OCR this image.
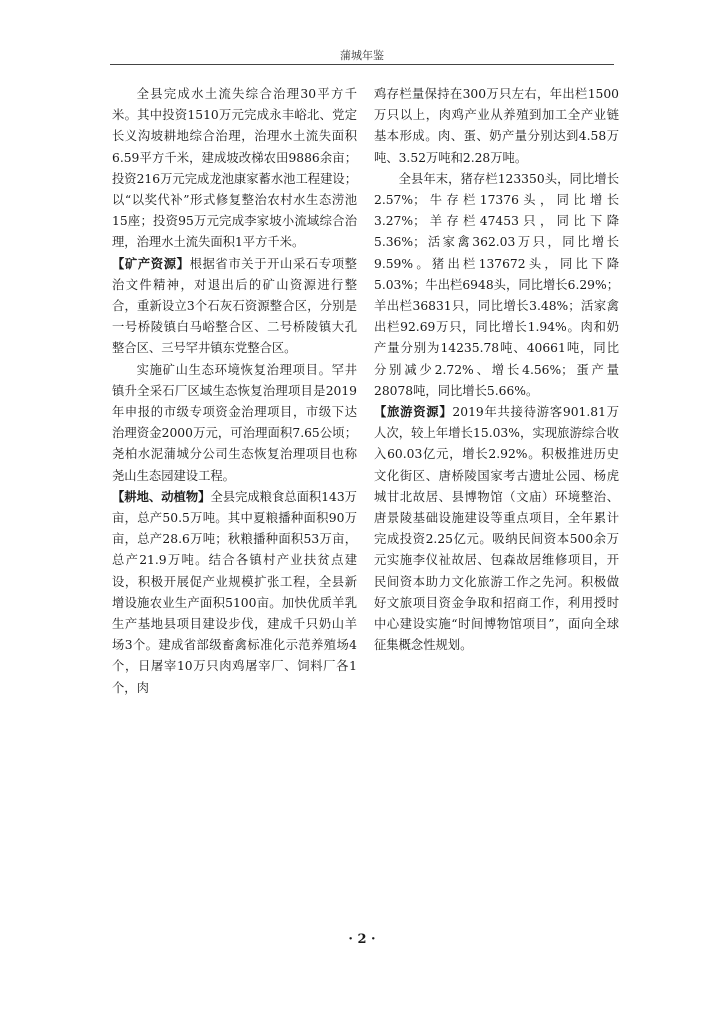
蒲城年鉴

全县完成水土流失综合治理30平方千米。其中投资1510万元完成永丰峪北、党定长义沟坡耕地综合治理，治理水土流失面积6.59平方千米，建成坡改梯农田9886余亩；投资216万元完成龙池康家蓄水池工程建设；以“以奖代补”形式修复整治农村水生态涝池15座；投资95万元完成李家坡小流域综合治理，治理水土流失面积1平方千米。

【矿产资源】根据省市关于开山采石专项整治文件精神，对退出后的矿山资源进行整合，重新设立3个石灰石资源整合区，分别是一号桥陵镇白马峪整合区、二号桥陵镇大孔整合区、三号罕井镇东党整合区。

实施矿山生态环境恢复治理项目。罕井镇升全采石厂区域生态恢复治理项目是2019年申报的市级专项资金治理项目，市级下达治理资金2000万元，可治理面积7.65公顷；尧柏水泥蒲城分公司生态恢复治理项目也称尧山生态园建设工程。

【耕地、动植物】全县完成粮食总面积143万亩，总产50.5万吨。其中夏粮播种面积90万亩，总产28.6万吨；秋粮播种面积53万亩，总产21.9万吨。结合各镇村产业扶贫点建设，积极开展促产业规模扩张工程，全县新增设施农业生产面积5100亩。加快优质羊乳生产基地县项目建设步伐，建成千只奶山羊场3个。建成省部级畜禽标准化示范养殖场4个，日屠宰10万只肉鸡屠宰厂、饲料厂各1个，肉

鸡存栏量保持在300万只左右，年出栏1500万只以上，肉鸡产业从养殖到加工全产业链基本形成。肉、蛋、奶产量分别达到4.58万吨、3.52万吨和2.28万吨。

全县年末，猪存栏123350头，同比增长2.57%；牛存栏17376头，同比增长3.27%；羊存栏47453只，同比下降5.36%；活家禽362.03万只，同比增长9.59%。猪出栏137672头，同比下降5.03%；牛出栏6948头，同比增长6.29%；羊出栏36831只，同比增长3.48%；活家禽出栏92.69万只，同比增长1.94%。肉和奶产量分别为14235.78吨、40661吨，同比分别减少2.72%、增长4.56%；蛋产量28078吨，同比增长5.66%。

【旅游资源】2019年共接待游客901.81万人次，较上年增长15.03%，实现旅游综合收入60.03亿元，增长2.92%。积极推进历史文化街区、唐桥陵国家考古遗址公园、杨虎城甘北故居、县博物馆（文庙）环境整治、唐景陵基础设施建设等重点项目，全年累计完成投资2.25亿元。吸纳民间资本500余万元实施李仪祉故居、包森故居维修项目，开民间资本助力文化旅游工作之先河。积极做好文旅项目资金争取和招商工作，利用授时中心建设实施“时间博物馆项目”，面向全球征集概念性规划。

· 2 ·
